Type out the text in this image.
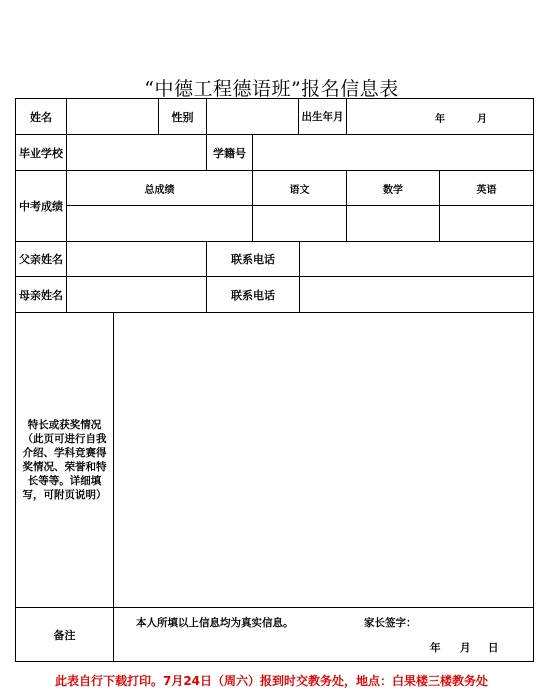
“中德工程德语班”报名信息表
姓名	性别	出生年月	年	月
毕业学校	学籍号
中考成绩
总成绩	语文	数学	英语
父亲姓名	联系电话
母亲姓名	联系电话
特长或获奖情况（此页可进行自我介绍、学科竞赛得奖情况、荣誉和特长等等。详细填写，可附页说明）
备注
本人所填以上信息均为真实信息。	家长签字：
年 月 日
此表自行下载打印。7月24日（周六）报到时交教务处，地点：白果楼三楼教务处
